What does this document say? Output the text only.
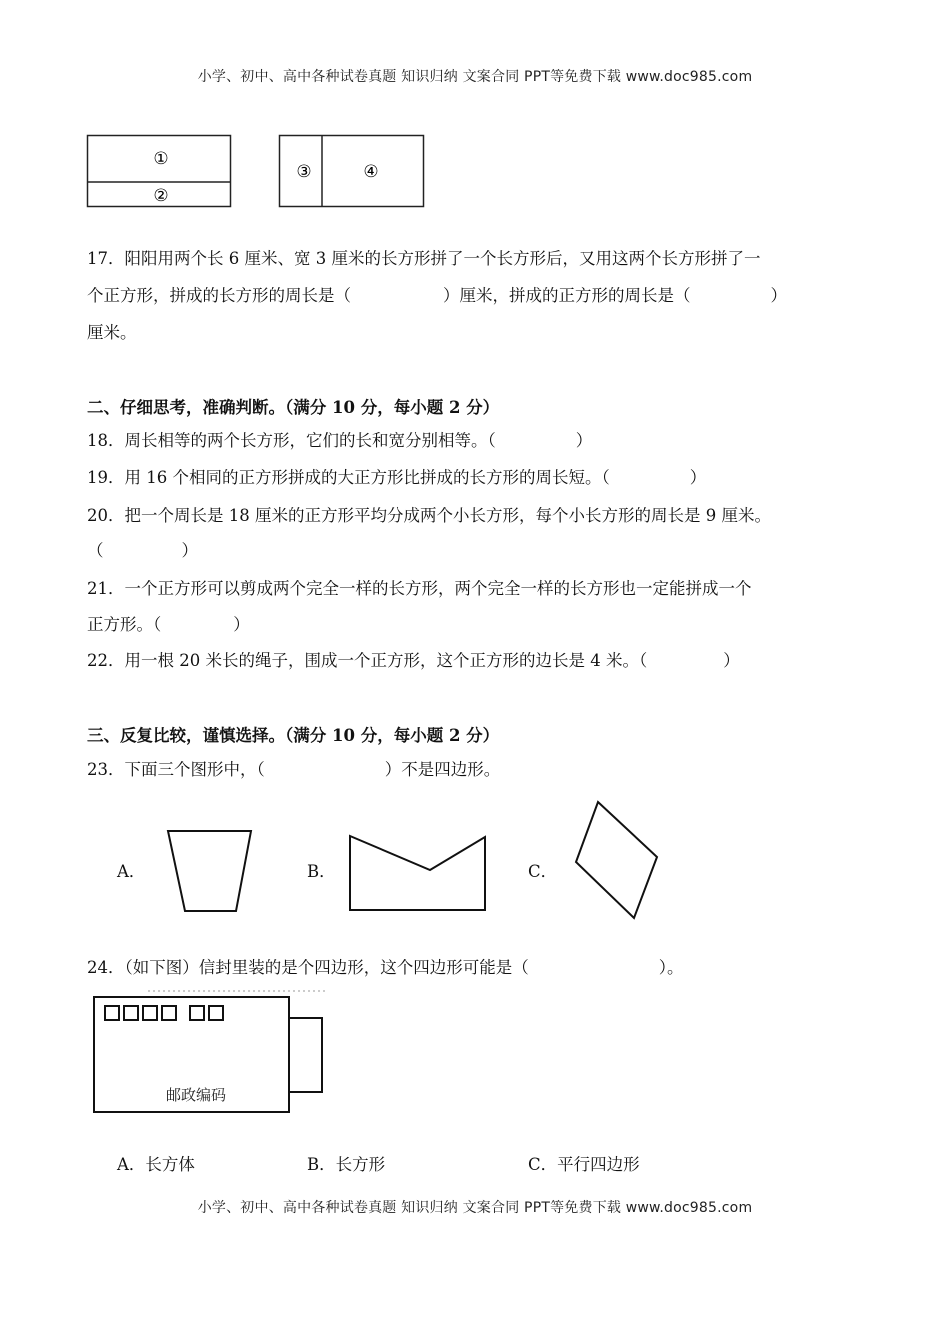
小学、初中、高中各种试卷真题 知识归纳 文案合同 PPT等免费下载 www.doc985.com
①
②
③	④
17．阳阳用两个长 6 厘米、宽 3 厘米的长方形拼了一个长方形后，又用这两个长方形拼了一
个正方形，拼成的长方形的周长是（	）厘米，拼成的正方形的周长是（	）
厘米。
二、仔细思考，准确判断。（满分 10 分，每小题 2 分）
18．周长相等的两个长方形，它们的长和宽分别相等。（	）
19．用 16 个相同的正方形拼成的大正方形比拼成的长方形的周长短。（	）
20．把一个周长是 18 厘米的正方形平均分成两个小长方形，每个小长方形的周长是 9 厘米。
（	）
21．一个正方形可以剪成两个完全一样的长方形，两个完全一样的长方形也一定能拼成一个
正方形。（	）
22．用一根 20 米长的绳子，围成一个正方形，这个正方形的边长是 4 米。（	）
三、反复比较，谨慎选择。（满分 10 分，每小题 2 分）
23．下面三个图形中，（	）不是四边形。
A．	B．	C．
24．（如下图）信封里装的是个四边形，这个四边形可能是（	）。
邮政编码
A．长方体	B．长方形	C．平行四边形
小学、初中、高中各种试卷真题 知识归纳 文案合同 PPT等免费下载 www.doc985.com
